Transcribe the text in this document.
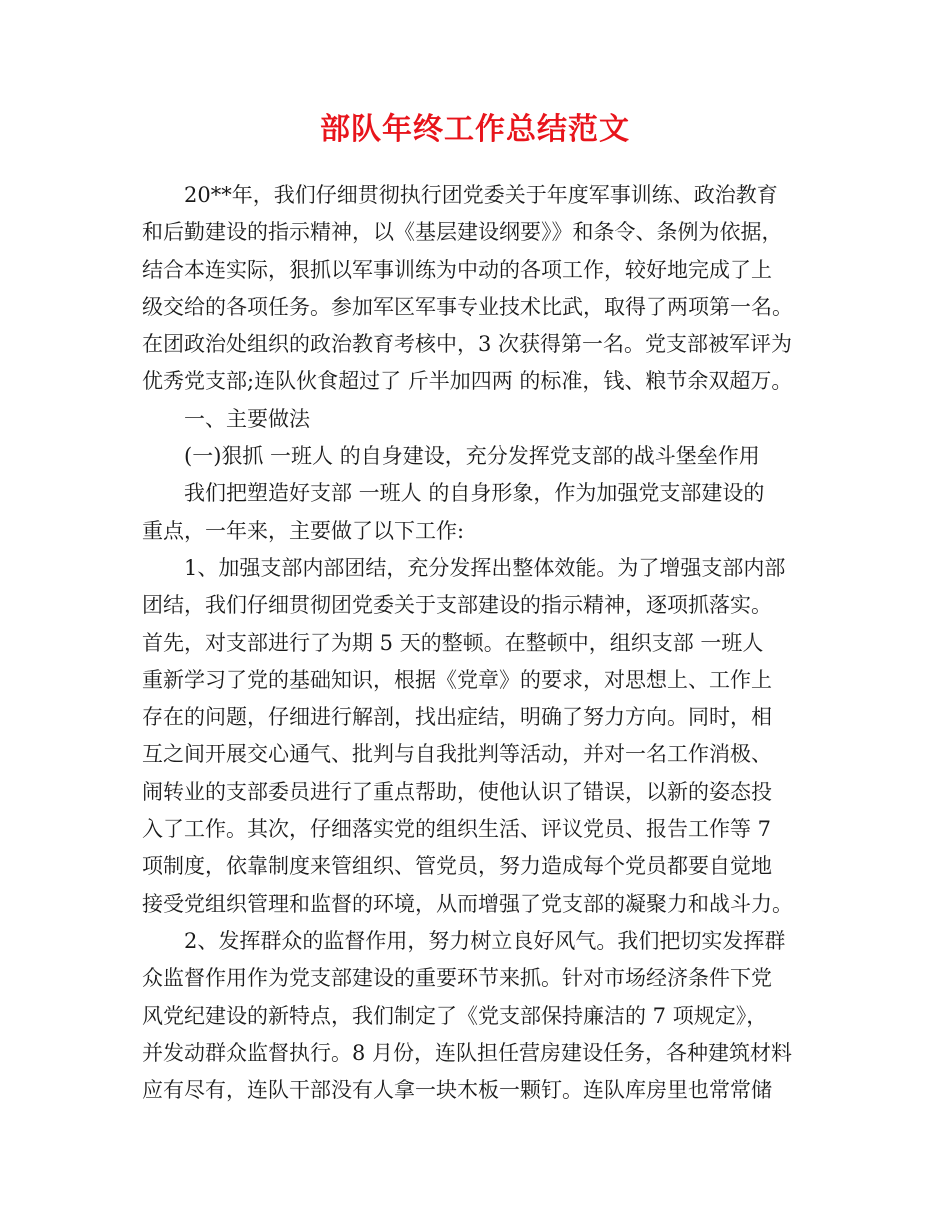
部队年终工作总结范文
20**年，我们仔细贯彻执行团党委关于年度军事训练、政治教育
和后勤建设的指示精神，以《基层建设纲要》》和条令、条例为依据，
结合本连实际，狠抓以军事训练为中动的各项工作，较好地完成了上
级交给的各项任务。参加军区军事专业技术比武，取得了两项第一名。
在团政治处组织的政治教育考核中，3 次获得第一名。党支部被军评为
优秀党支部;连队伙食超过了 斤半加四两 的标准，钱、粮节余双超万。
一、主要做法
(一)狠抓 一班人 的自身建设，充分发挥党支部的战斗堡垒作用
我们把塑造好支部 一班人 的自身形象，作为加强党支部建设的
重点，一年来，主要做了以下工作:
1、加强支部内部团结，充分发挥出整体效能。为了增强支部内部
团结，我们仔细贯彻团党委关于支部建设的指示精神，逐项抓落实。
首先，对支部进行了为期 5 天的整顿。在整顿中，组织支部 一班人
重新学习了党的基础知识，根据《党章》的要求，对思想上、工作上
存在的问题，仔细进行解剖，找出症结，明确了努力方向。同时，相
互之间开展交心通气、批判与自我批判等活动，并对一名工作消极、
闹转业的支部委员进行了重点帮助，使他认识了错误，以新的姿态投
入了工作。其次，仔细落实党的组织生活、评议党员、报告工作等 7
项制度，依靠制度来管组织、管党员，努力造成每个党员都要自觉地
接受党组织管理和监督的环境，从而增强了党支部的凝聚力和战斗力。
2、发挥群众的监督作用，努力树立良好风气。我们把切实发挥群
众监督作用作为党支部建设的重要环节来抓。针对市场经济条件下党
风党纪建设的新特点，我们制定了《党支部保持廉洁的 7 项规定》，
并发动群众监督执行。8 月份，连队担任营房建设任务，各种建筑材料
应有尽有，连队干部没有人拿一块木板一颗钉。连队库房里也常常储
